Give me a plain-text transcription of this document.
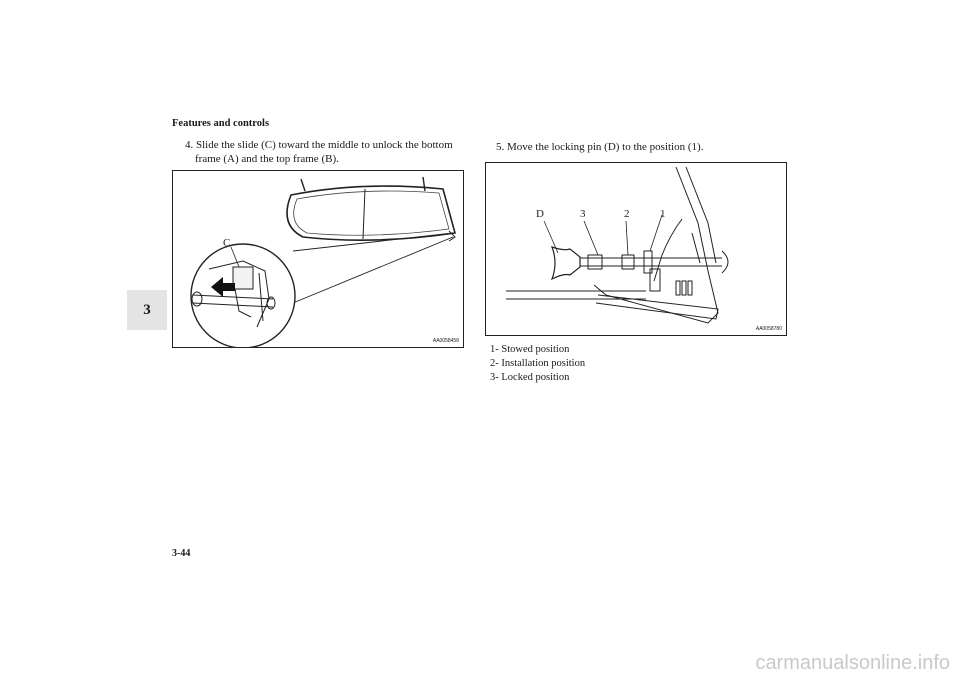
Features and controls
3
4. Slide the slide (C) toward the middle to unlock the bottom
frame (A) and the top frame (B).
5. Move the locking pin (D) to the position (1).
C
AA0058458
D	3	2	1
AA0058780
1- Stowed position
2- Installation position
3- Locked position
3-44
carmanualsonline.info
